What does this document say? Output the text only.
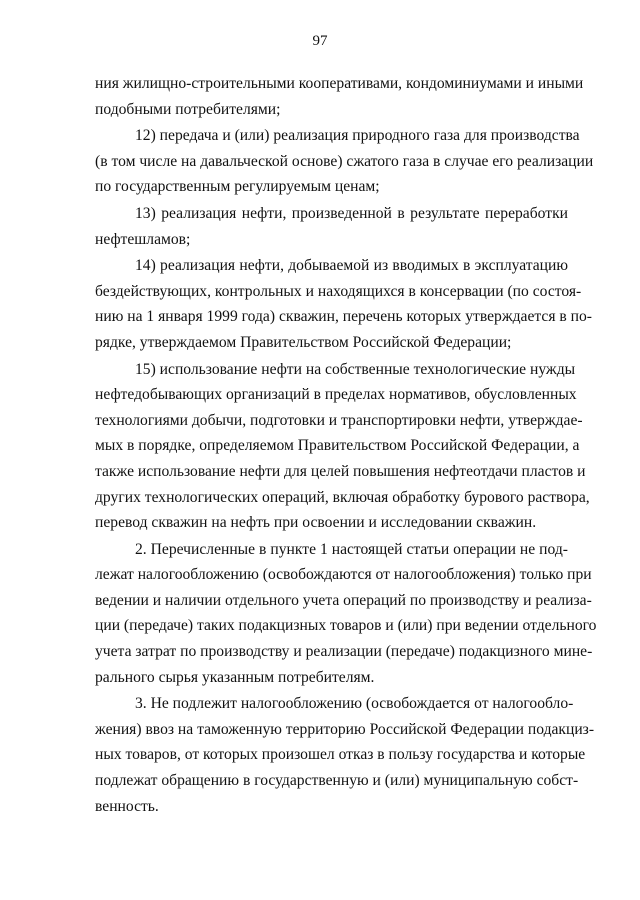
97
ния жилищно-строительными кооперативами, кондоминиумами и иными
подобными потребителями;
12) передача и (или) реализация природного газа для производства
(в том числе на давальческой основе) сжатого газа в случае его реализации
по государственным регулируемым ценам;
13) реализация нефти, произведенной в результате переработки
нефтешламов;
14) реализация нефти, добываемой из вводимых в эксплуатацию
бездействующих, контрольных и находящихся в консервации (по состоя-
нию на 1 января 1999 года) скважин, перечень которых утверждается в по-
рядке, утверждаемом Правительством Российской Федерации;
15) использование нефти на собственные технологические нужды
нефтедобывающих организаций в пределах нормативов, обусловленных
технологиями добычи, подготовки и транспортировки нефти, утверждае-
мых в порядке, определяемом Правительством Российской Федерации, а
также использование нефти для целей повышения нефтеотдачи пластов и
других технологических операций, включая обработку бурового раствора,
перевод скважин на нефть при освоении и исследовании скважин.
2. Перечисленные в пункте 1 настоящей статьи операции не под-
лежат налогообложению (освобождаются от налогообложения) только при
ведении и наличии отдельного учета операций по производству и реализа-
ции (передаче) таких подакцизных товаров и (или) при ведении отдельного
учета затрат по производству и реализации (передаче) подакцизного мине-
рального сырья указанным потребителям.
3. Не подлежит налогообложению (освобождается от налогообло-
жения) ввоз на таможенную территорию Российской Федерации подакциз-
ных товаров, от которых произошел отказ в пользу государства и которые
подлежат обращению в государственную и (или) муниципальную собст-
венность.
